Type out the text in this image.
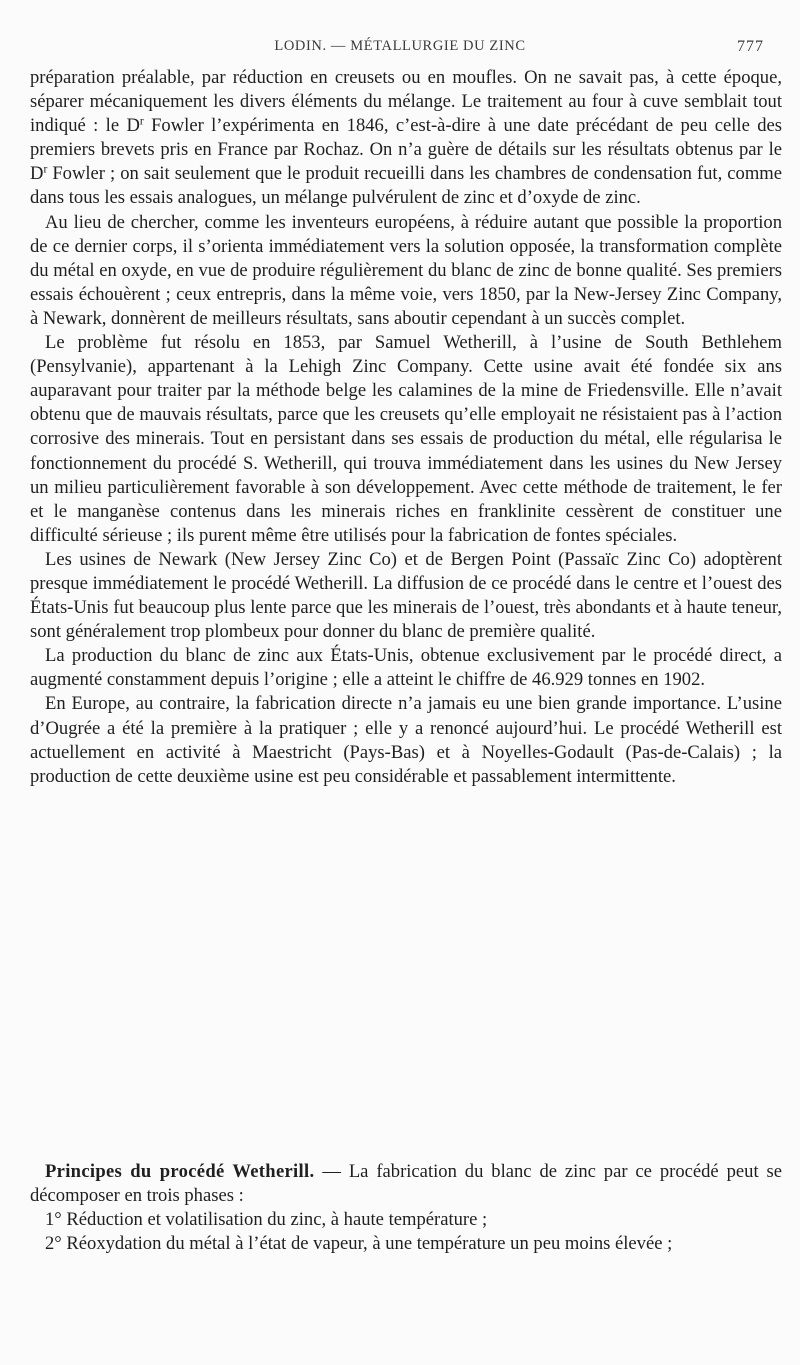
LODIN. — MÉTALLURGIE DU ZINC	777

préparation préalable, par réduction en creusets ou en moufles. On ne savait pas, à cette époque, séparer mécaniquement les divers éléments du mélange. Le traitement au four à cuve semblait tout indiqué : le $D^r$ Fowler l’expérimenta en 1846, c’est-à-dire à une date précédant de peu celle des premiers brevets pris en France par Rochaz. On n’a guère de détails sur les résultats obtenus par le $D^r$ Fowler ; on sait seulement que le produit recueilli dans les chambres de condensation fut, comme dans tous les essais analogues, un mélange pulvérulent de zinc et d’oxyde de zinc.

Au lieu de chercher, comme les inventeurs européens, à réduire autant que possible la proportion de ce dernier corps, il s’orienta immédiatement vers la solution opposée, la transformation complète du métal en oxyde, en vue de produire régulièrement du blanc de zinc de bonne qualité. Ses premiers essais échouèrent ; ceux entrepris, dans la même voie, vers 1850, par la New-Jersey Zinc Company, à Newark, donnèrent de meilleurs résultats, sans aboutir cependant à un succès complet.

Le problème fut résolu en 1853, par Samuel Wetherill, à l’usine de South Bethlehem (Pensylvanie), appartenant à la Lehigh Zinc Company. Cette usine avait été fondée six ans auparavant pour traiter par la méthode belge les calamines de la mine de Friedensville. Elle n’avait obtenu que de mauvais résultats, parce que les creusets qu’elle employait ne résistaient pas à l’action corrosive des minerais. Tout en persistant dans ses essais de production du métal, elle régularisa le fonctionnement du procédé S. Wetherill, qui trouva immédiatement dans les usines du New Jersey un milieu particulièrement favorable à son développement. Avec cette méthode de traitement, le fer et le manganèse contenus dans les minerais riches en franklinite cessèrent de constituer une difficulté sérieuse ; ils purent même être utilisés pour la fabrication de fontes spéciales.

Les usines de Newark (New Jersey Zinc Co) et de Bergen Point (Passaïc Zinc Co) adoptèrent presque immédiatement le procédé Wetherill. La diffusion de ce procédé dans le centre et l’ouest des États-Unis fut beaucoup plus lente parce que les minerais de l’ouest, très abondants et à haute teneur, sont généralement trop plombeux pour donner du blanc de première qualité.

La production du blanc de zinc aux États-Unis, obtenue exclusivement par le procédé direct, a augmenté constamment depuis l’origine ; elle a atteint le chiffre de 46.929 tonnes en 1902.

En Europe, au contraire, la fabrication directe n’a jamais eu une bien grande importance. L’usine d’Ougrée a été la première à la pratiquer ; elle y a renoncé aujourd’hui. Le procédé Wetherill est actuellement en activité à Maestricht (Pays-Bas) et à Noyelles-Godault (Pas-de-Calais) ; la production de cette deuxième usine est peu considérable et passablement intermittente.

Principes du procédé Wetherill. — La fabrication du blanc de zinc par ce procédé peut se décomposer en trois phases :

1° Réduction et volatilisation du zinc, à haute température ;

2° Réoxydation du métal à l’état de vapeur, à une température un peu moins élevée ;
